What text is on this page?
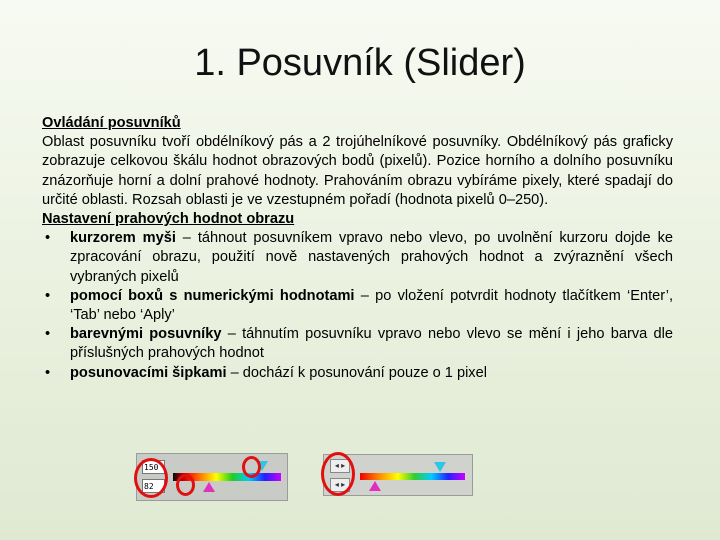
1. Posuvník (Slider)

Ovládání posuvníků

Oblast posuvníku tvoří obdélníkový pás a 2 trojúhelníkové posuvníky. Obdélníkový pás graficky zobrazuje celkovou škálu hodnot obrazových bodů (pixelů). Pozice horního a dolního posuvníku znázorňuje horní a dolní prahové hodnoty. Prahováním obrazu vybíráme pixely, které spadají do určité oblasti. Rozsah oblasti je ve vzestupném pořadí (hodnota pixelů 0–250).

Nastavení prahových hodnot obrazu

• kurzorem myši – táhnout posuvníkem vpravo nebo vlevo, po uvolnění kurzoru dojde ke zpracování obrazu, použití nově nastavených prahových hodnot a zvýraznění všech vybraných pixelů
• pomocí boxů s numerickými hodnotami – po vložení potvrdit hodnoty tlačítkem ‘Enter’, ‘Tab’ nebo ‘Aply’
• barevnými posuvníky – táhnutím posuvníku vpravo nebo vlevo se mění i jeho barva dle příslušných prahových hodnot
• posunovacími šipkami – dochází k posunování pouze o 1 pixel
150
82
◂ ▸
◂ ▸
